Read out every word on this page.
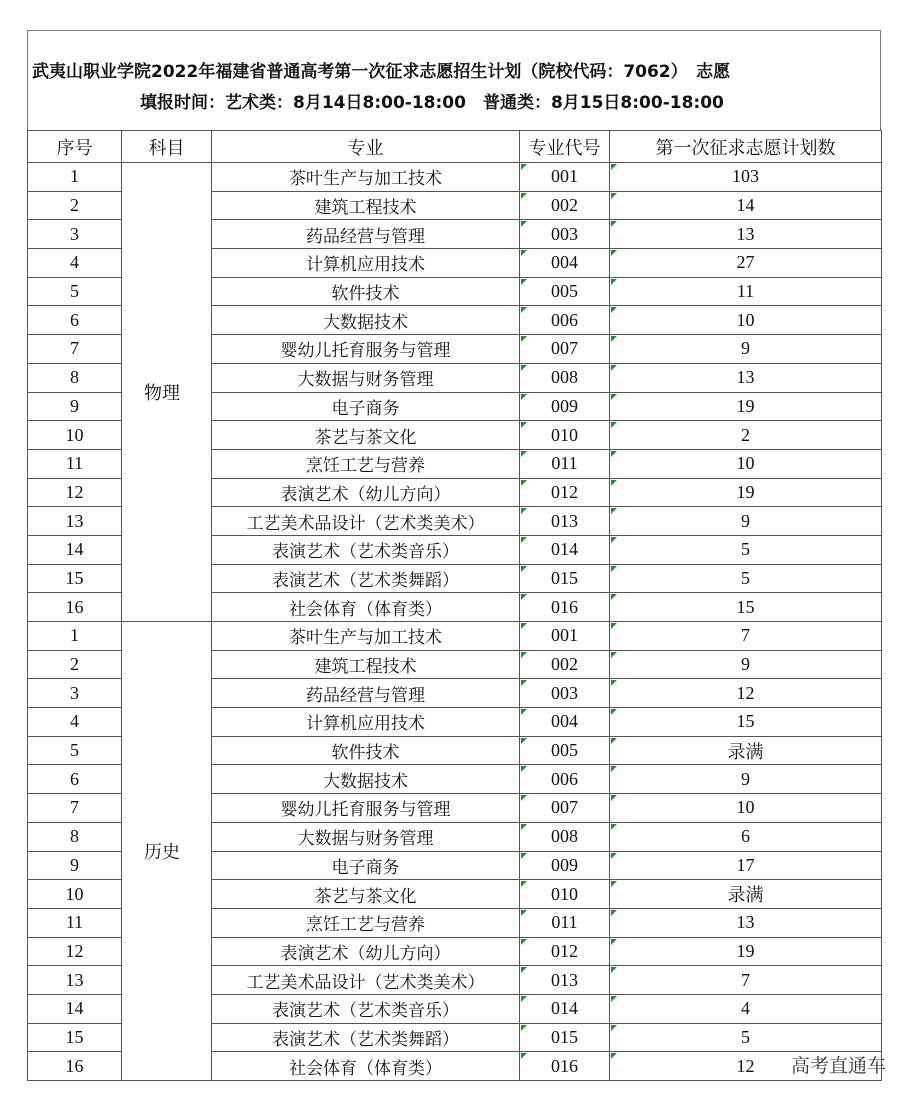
武夷山职业学院2022年福建省普通高考第一次征求志愿招生计划（院校代码：7062）　志愿
填报时间：艺术类：8月14日8:00-18:00　普通类：8月15日8:00-18:00
序号	科目	专业	专业代号	第一次征求志愿计划数
1	物理	茶叶生产与加工技术	001	103
2		建筑工程技术	002	14
3		药品经营与管理	003	13
4		计算机应用技术	004	27
5		软件技术	005	11
6		大数据技术	006	10
7		婴幼儿托育服务与管理	007	9
8		大数据与财务管理	008	13
9		电子商务	009	19
10		茶艺与茶文化	010	2
11		烹饪工艺与营养	011	10
12		表演艺术（幼儿方向）	012	19
13		工艺美术品设计（艺术类美术）	013	9
14		表演艺术（艺术类音乐）	014	5
15		表演艺术（艺术类舞蹈）	015	5
16		社会体育（体育类）	016	15
1	历史	茶叶生产与加工技术	001	7
2		建筑工程技术	002	9
3		药品经营与管理	003	12
4		计算机应用技术	004	15
5		软件技术	005	录满
6		大数据技术	006	9
7		婴幼儿托育服务与管理	007	10
8		大数据与财务管理	008	6
9		电子商务	009	17
10		茶艺与茶文化	010	录满
11		烹饪工艺与营养	011	13
12		表演艺术（幼儿方向）	012	19
13		工艺美术品设计（艺术类美术）	013	7
14		表演艺术（艺术类音乐）	014	4
15		表演艺术（艺术类舞蹈）	015	5
16		社会体育（体育类）	016	12 高考直通车
